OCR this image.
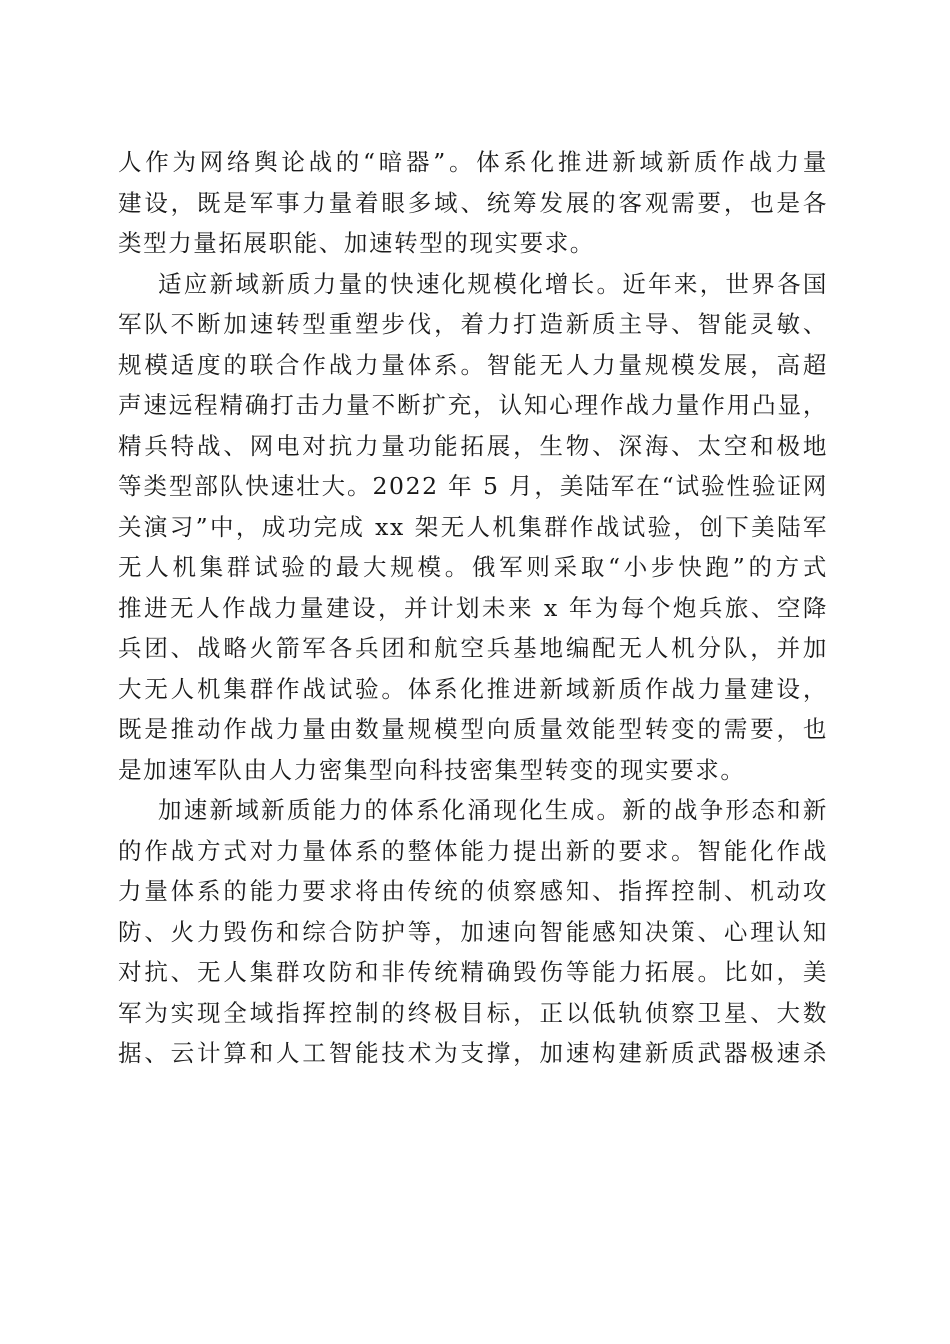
人作为网络舆论战的“暗器”。体系化推进新域新质作战力量
建设，既是军事力量着眼多域、统筹发展的客观需要，也是各
类型力量拓展职能、加速转型的现实要求。
适应新域新质力量的快速化规模化增长。近年来，世界各国
军队不断加速转型重塑步伐，着力打造新质主导、智能灵敏、
规模适度的联合作战力量体系。智能无人力量规模发展，高超
声速远程精确打击力量不断扩充，认知心理作战力量作用凸显，
精兵特战、网电对抗力量功能拓展，生物、深海、太空和极地
等类型部队快速壮大。2022 年 5 月，美陆军在“试验性验证网
关演习”中，成功完成 xx 架无人机集群作战试验，创下美陆军
无人机集群试验的最大规模。俄军则采取“小步快跑”的方式
推进无人作战力量建设，并计划未来 x 年为每个炮兵旅、空降
兵团、战略火箭军各兵团和航空兵基地编配无人机分队，并加
大无人机集群作战试验。体系化推进新域新质作战力量建设，
既是推动作战力量由数量规模型向质量效能型转变的需要，也
是加速军队由人力密集型向科技密集型转变的现实要求。
加速新域新质能力的体系化涌现化生成。新的战争形态和新
的作战方式对力量体系的整体能力提出新的要求。智能化作战
力量体系的能力要求将由传统的侦察感知、指挥控制、机动攻
防、火力毁伤和综合防护等，加速向智能感知决策、心理认知
对抗、无人集群攻防和非传统精确毁伤等能力拓展。比如，美
军为实现全域指挥控制的终极目标，正以低轨侦察卫星、大数
据、云计算和人工智能技术为支撑，加速构建新质武器极速杀
